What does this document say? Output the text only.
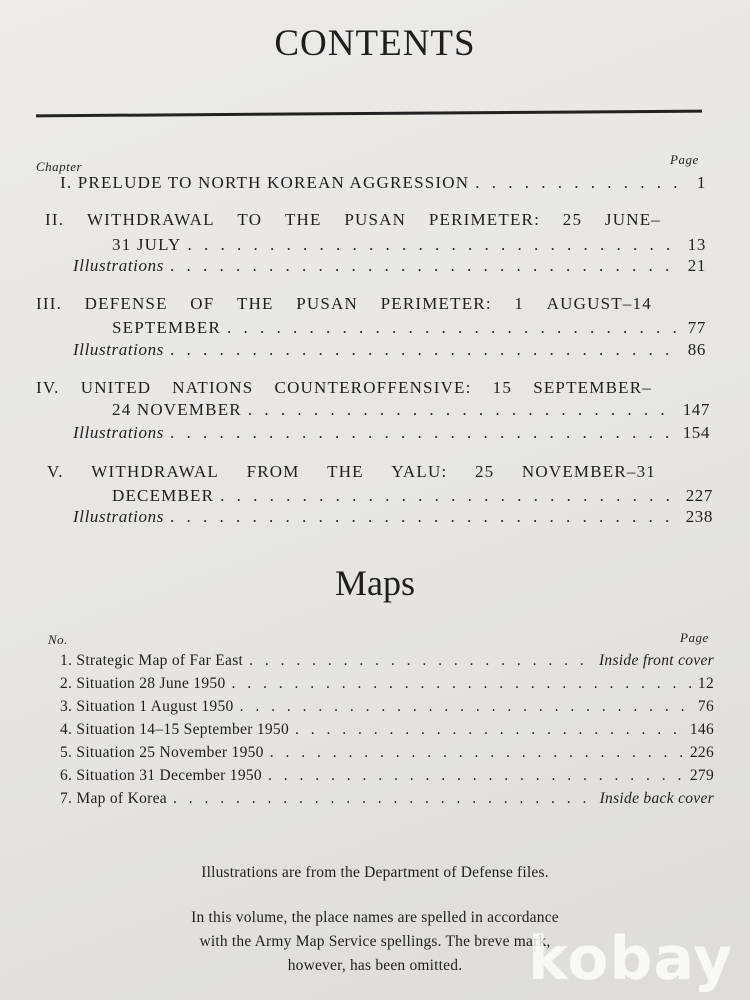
CONTENTS
Chapter	Page
I. PRELUDE TO NORTH KOREAN AGGRESSION . . .	1
II. WITHDRAWAL TO THE PUSAN PERIMETER: 25 JUNE–
31 JULY . . .	13
Illustrations . . .	21
III. DEFENSE OF THE PUSAN PERIMETER: 1 AUGUST–14
SEPTEMBER . . .	77
Illustrations . . .	86
IV. UNITED NATIONS COUNTEROFFENSIVE: 15 SEPTEMBER–
24 NOVEMBER . . .	147
Illustrations . . .	154
V. WITHDRAWAL FROM THE YALU: 25 NOVEMBER–31
DECEMBER . . .	227
Illustrations . . .	238
Maps
No.	Page
1. Strategic Map of Far East . . .	Inside front cover
2. Situation 28 June 1950 . . .	12
3. Situation 1 August 1950 . . .	76
4. Situation 14–15 September 1950 . . .	146
5. Situation 25 November 1950 . . .	226
6. Situation 31 December 1950 . . .	279
7. Map of Korea . . .	Inside back cover
Illustrations are from the Department of Defense files.
In this volume, the place names are spelled in accordance
with the Army Map Service spellings. The breve mark,
however, has been omitted.	kobay
